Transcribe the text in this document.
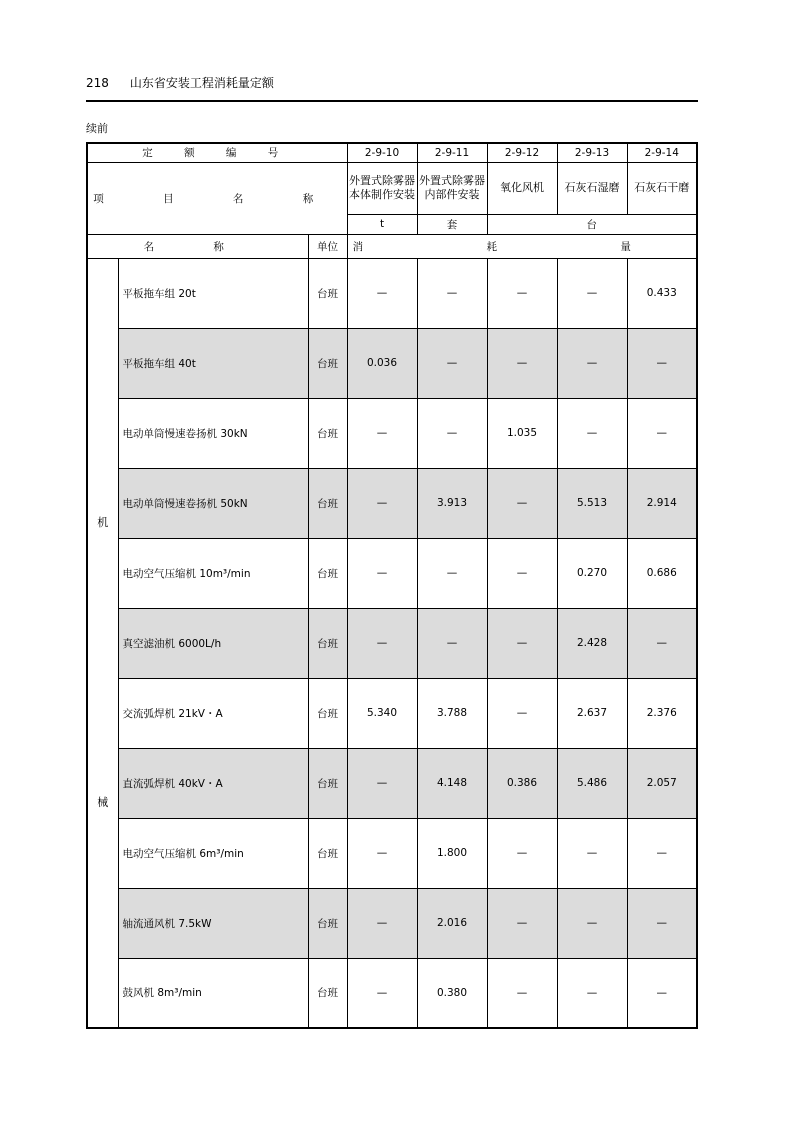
218 山东省安装工程消耗量定额
续前
定 额 编 号			2-9-10	2-9-11	2-9-12	2-9-13	2-9-14
项 目 名 称			外置式除雾器本体制作安装	外置式除雾器内部件安装	氧化风机	石灰石湿磨	石灰石干磨
			t	套	台		
名 称		单位	消 耗 量				

机
械	平板拖车组 20t	台班	—	—	—	—	0.433
	平板拖车组 40t	台班	0.036	—	—	—	—
	电动单筒慢速卷扬机 30kN	台班	—	—	1.035	—	—
	电动单筒慢速卷扬机 50kN	台班	—	3.913	—	5.513	2.914
	电动空气压缩机 10m³/min	台班	—	—	—	0.270	0.686
	真空滤油机 6000L/h	台班	—	—	—	2.428	—
	交流弧焊机 21kV・A	台班	5.340	3.788	—	2.637	2.376
	直流弧焊机 40kV・A	台班	—	4.148	0.386	5.486	2.057
	电动空气压缩机 6m³/min	台班	—	1.800	—	—	—
	轴流通风机 7.5kW	台班	—	2.016	—	—	—
	鼓风机 8m³/min	台班	—	0.380	—	—	—
